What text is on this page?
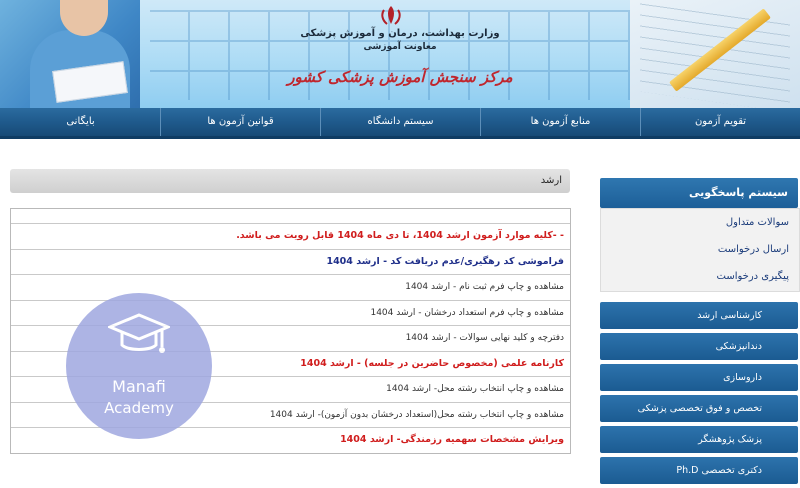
وزارت بهداشت، درمان و آموزش پزشکی
معاونت آموزشی
مرکز سنجش آموزش پزشکی کشور
تقویم آزمون
منابع آزمون ها
سیستم دانشگاه
قوانین آزمون ها
بایگانی
ارشد
- -کلیه موارد آزمون ارشد 1404، تا دی ماه 1404 قابل رویت می باشد.
فراموشی کد رهگیری/عدم دریافت کد - ارشد 1404
مشاهده و چاپ فرم ثبت نام - ارشد 1404
مشاهده و چاپ فرم استعداد درخشان - ارشد 1404
دفترچه و کلید نهایی سوالات - ارشد 1404
کارنامه علمی (مخصوص حاضرین در جلسه) - ارشد 1404
مشاهده و چاپ انتخاب رشته محل- ارشد 1404
مشاهده و چاپ انتخاب رشته محل(استعداد درخشان بدون آزمون)- ارشد 1404
ویرایش مشخصات سهمیه رزمندگی- ارشد 1404
Manafi
Academy
سیستم پاسخگویی
سوالات متداول
ارسال درخواست
پیگیری درخواست
کارشناسی ارشد
دندانپزشکی
داروسازی
تخصص و فوق تخصصی پزشکی
پزشک پژوهشگر
دکتری تخصصی Ph.D
